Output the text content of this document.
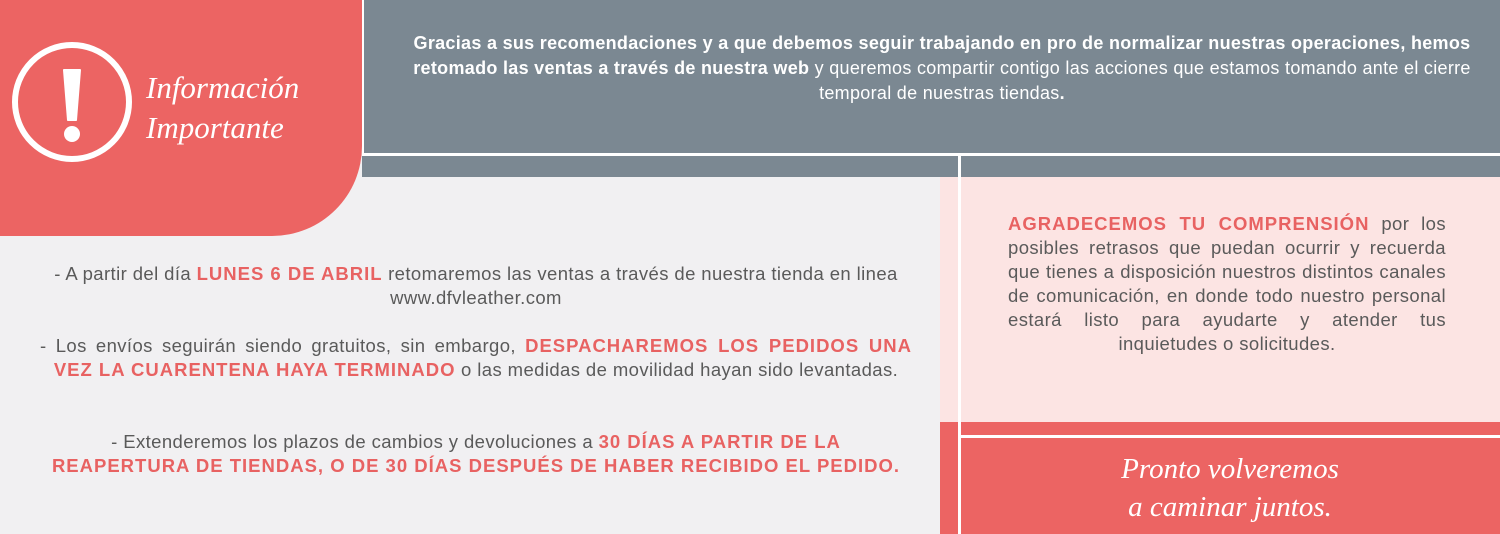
Información
Importante
Gracias a sus recomendaciones y a que debemos seguir trabajando en pro de normalizar nuestras operaciones, hemos retomado las ventas a través de nuestra web y queremos compartir contigo las acciones que estamos tomando ante el cierre temporal de nuestras tiendas.
- A partir del día LUNES 6 DE ABRIL retomaremos las ventas a través de nuestra tienda en linea www.dfvleather.com
- Los envíos seguirán siendo gratuitos, sin embargo, DESPACHAREMOS LOS PEDIDOS UNA VEZ LA CUARENTENA HAYA TERMINADO o las medidas de movilidad hayan sido levantadas.
- Extenderemos los plazos de cambios y devoluciones a 30 DÍAS A PARTIR DE LA REAPERTURA DE TIENDAS, O DE 30 DÍAS DESPUÉS DE HABER RECIBIDO EL PEDIDO.
AGRADECEMOS TU COMPRENSIÓN por los posibles retrasos que puedan ocurrir y recuerda que tienes a disposición nuestros distintos canales de comunicación, en donde todo nuestro personal estará listo para ayudarte y atender tus inquietudes o solicitudes.
Pronto volveremos
a caminar juntos.
